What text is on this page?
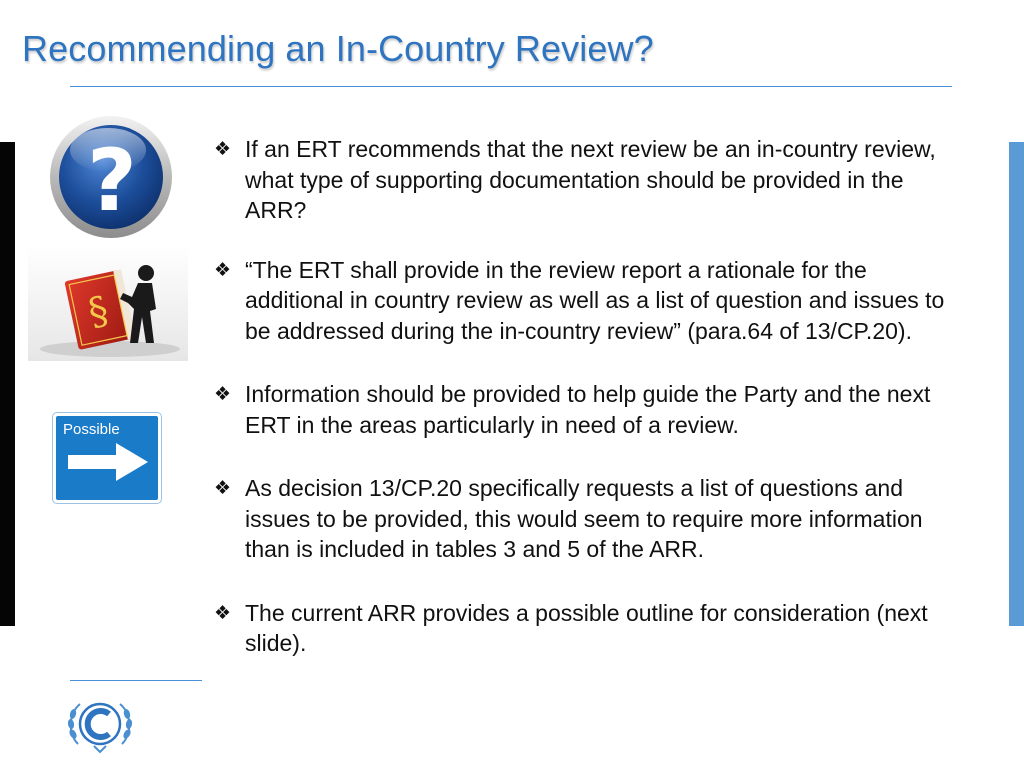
Recommending an In-Country Review?
?
§
Possible
❖ If an ERT recommends that the next review be an in-country review, what type of supporting documentation should be provided in the ARR?
❖ “The ERT shall provide in the review report a rationale for the additional in country review as well as a list of question and issues to be addressed during the in-country review” (para.64 of 13/CP.20).
❖ Information should be provided to help guide the Party and the next ERT in the areas particularly in need of a review.
❖ As decision 13/CP.20 specifically requests a list of questions and issues to be provided, this would seem to require more information than is included in tables 3 and 5 of the ARR.
❖ The current ARR provides a possible outline for consideration (next slide).
